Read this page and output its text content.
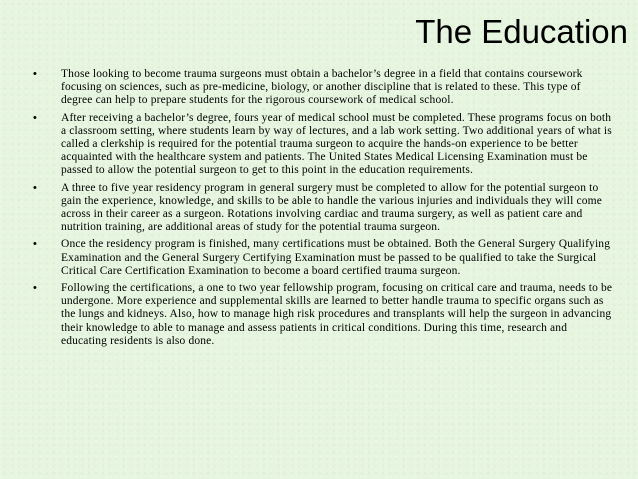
The Education
• Those looking to become trauma surgeons must obtain a bachelor’s degree in a field that contains coursework focusing on sciences, such as pre-medicine, biology, or another discipline that is related to these. This type of degree can help to prepare students for the rigorous coursework of medical school.
• After receiving a bachelor’s degree, fours year of medical school must be completed. These programs focus on both a classroom setting, where students learn by way of lectures, and a lab work setting. Two additional years of what is called a clerkship is required for the potential trauma surgeon to acquire the hands-on experience to be better acquainted with the healthcare system and patients. The United States Medical Licensing Examination must be passed to allow the potential surgeon to get to this point in the education requirements.
• A three to five year residency program in general surgery must be completed to allow for the potential surgeon to gain the experience, knowledge, and skills to be able to handle the various injuries and individuals they will come across in their career as a surgeon. Rotations involving cardiac and trauma surgery, as well as patient care and nutrition training, are additional areas of study for the potential trauma surgeon.
• Once the residency program is finished, many certifications must be obtained. Both the General Surgery Qualifying Examination and the General Surgery Certifying Examination must be passed to be qualified to take the Surgical Critical Care Certification Examination to become a board certified trauma surgeon.
• Following the certifications, a one to two year fellowship program, focusing on critical care and trauma, needs to be undergone. More experience and supplemental skills are learned to better handle trauma to specific organs such as the lungs and kidneys. Also, how to manage high risk procedures and transplants will help the surgeon in advancing their knowledge to able to manage and assess patients in critical conditions. During this time, research and educating residents is also done.
